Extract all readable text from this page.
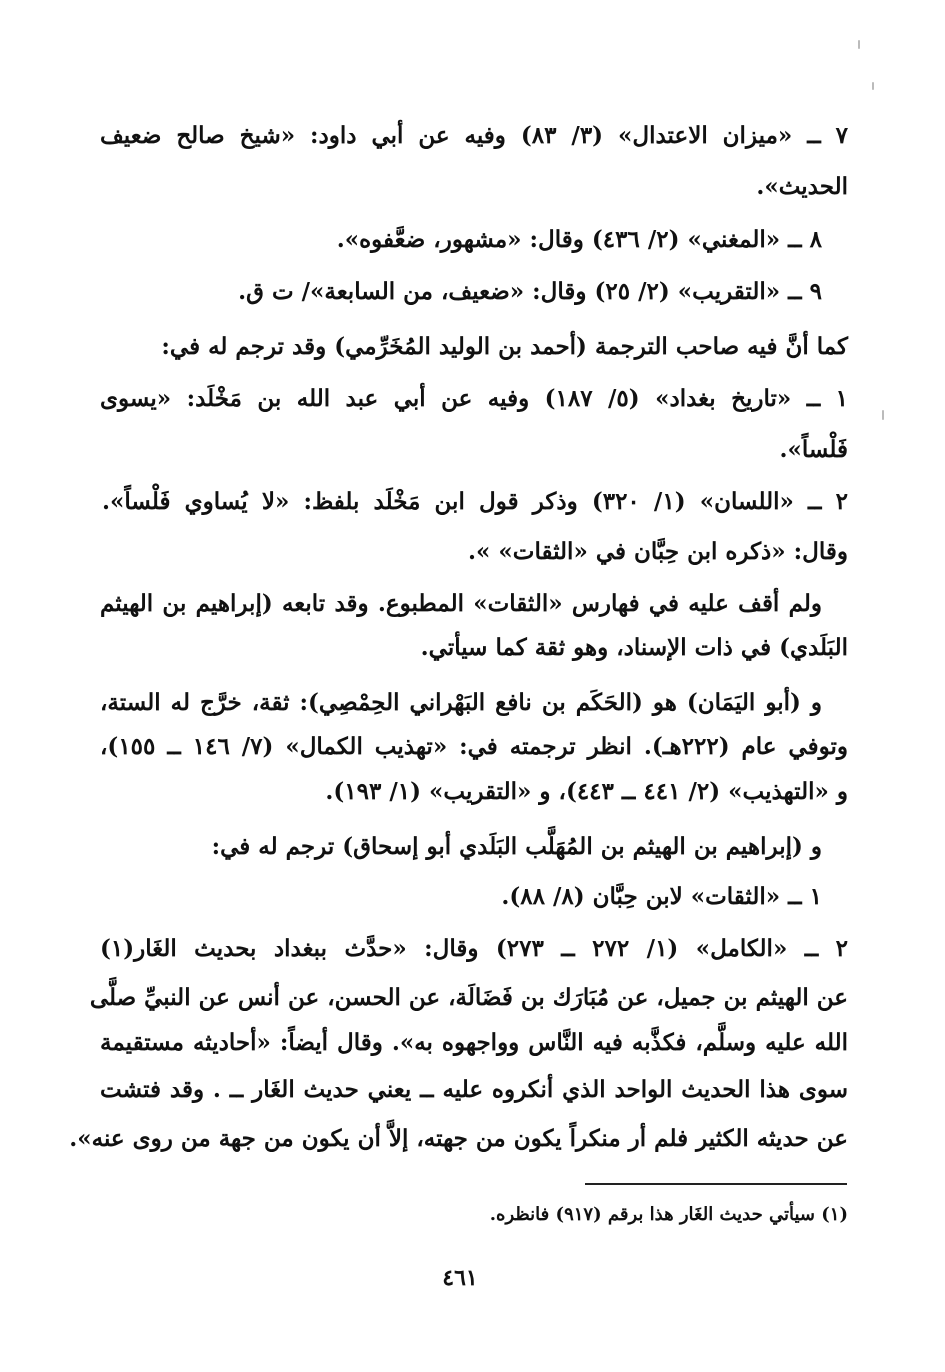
٧ ــ «ميزان الاعتدال» (٣/ ٨٣) وفيه عن أبي داود: «شيخ صالح ضعيف
الحديث».
٨ ــ «المغني» (٢/ ٤٣٦) وقال: «مشهور، ضعَّفوه».
٩ ــ «التقريب» (٢/ ٢٥) وقال: «ضعيف، من السابعة»/ ت ق.
كما أنَّ فيه صاحب الترجمة (أحمد بن الوليد المُخَرِّمي) وقد ترجم له في:
١ ــ «تاريخ بغداد» (٥/ ١٨٧) وفيه عن أبي عبد الله بن مَخْلَد: «يسوى
فَلْساً».
٢ ــ «اللسان» (١/ ٣٢٠) وذكر قول ابن مَخْلَد بلفظ: «لا يُساوي فَلْساً».
وقال: «ذكره ابن حِبَّان في «الثقات» ».
ولم أقف عليه في فهارس «الثقات» المطبوع. وقد تابعه (إبراهيم بن الهيثم
البَلَدي) في ذات الإسناد، وهو ثقة كما سيأتي.
و (أبو اليَمَان) هو (الحَكَم بن نافع البَهْراني الحِمْصِي): ثقة، خرَّج له الستة،
وتوفي عام (٢٢٢هـ). انظر ترجمته في: «تهذيب الكمال» (٧/ ١٤٦ ــ ١٥٥)،
و «التهذيب» (٢/ ٤٤١ ــ ٤٤٣)، و «التقريب» (١/ ١٩٣).
و (إبراهيم بن الهيثم بن المُهَلَّب البَلَدي أبو إسحاق) ترجم له في:
١ ــ «الثقات» لابن حِبَّان (٨/ ٨٨).
٢ ــ «الكامل» (١/ ٢٧٢ ــ ٢٧٣) وقال: «حدَّث ببغداد بحديث الغَار(١)
عن الهيثم بن جميل، عن مُبَارَك بن فَضَالَة، عن الحسن، عن أنس عن النبيِّ صلَّى
الله عليه وسلَّم، فكذَّبه فيه النَّاس وواجهوه به». وقال أيضاً: «أحاديثه مستقيمة
سوى هذا الحديث الواحد الذي أنكروه عليه ــ يعني حديث الغَار ــ . وقد فتشت
عن حديثه الكثير فلم أر منكراً يكون من جهته، إلاَّ أن يكون من جهة من روى عنه».
(١) سيأتي حديث الغَار هذا برقم (٩١٧) فانظره.
٤٦١
